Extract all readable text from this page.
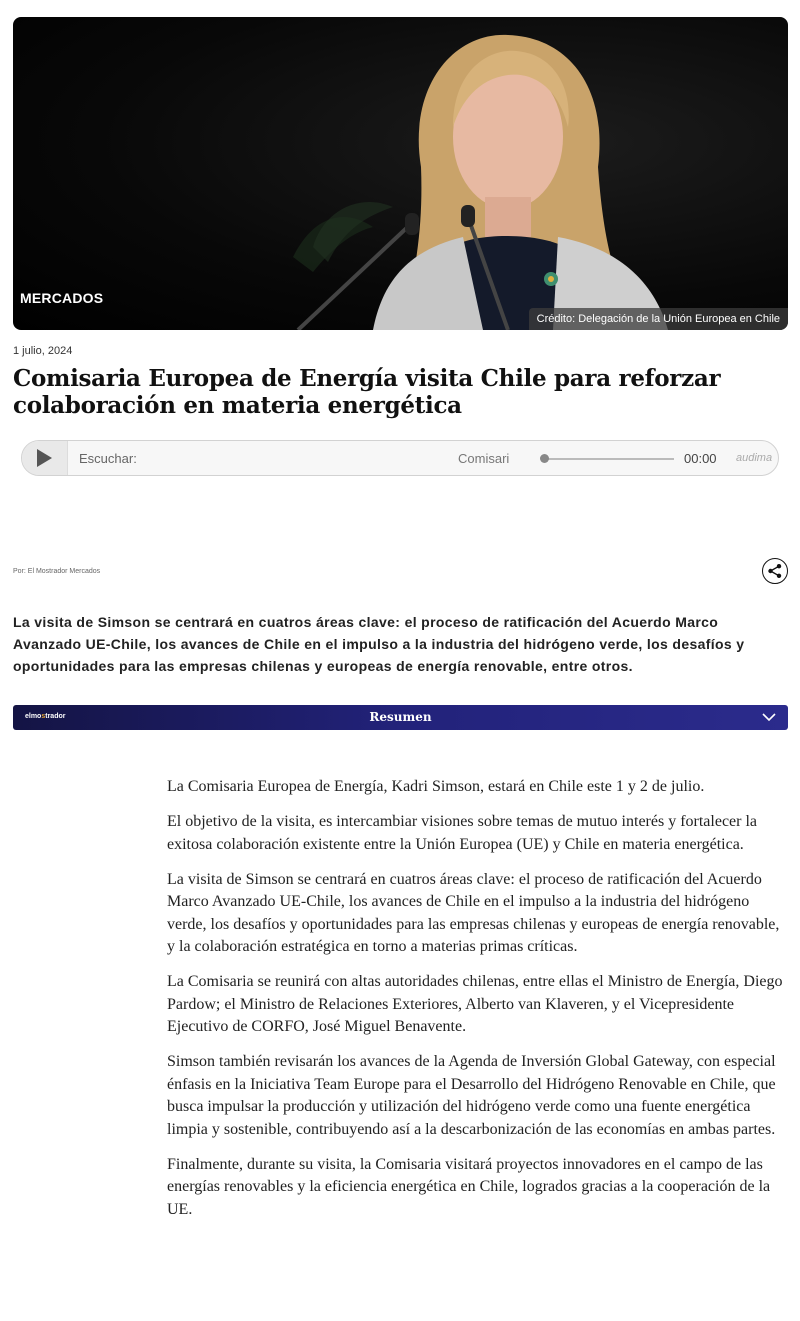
MERCADOS
Crédito: Delegación de la Unión Europea en Chile
1 julio, 2024
Comisaria Europea de Energía visita Chile para reforzar colaboración en materia energética
Escuchar:	Comisari	00:00 audima
Por: El Mostrador Mercados

La visita de Simson se centrará en cuatros áreas clave: el proceso de ratificación del Acuerdo Marco Avanzado UE-Chile, los avances de Chile en el impulso a la industria del hidrógeno verde, los desafíos y oportunidades para las empresas chilenas y europeas de energía renovable, entre otros.

elmostrador	Resumen

La Comisaria Europea de Energía, Kadri Simson, estará en Chile este 1 y 2 de julio.

El objetivo de la visita, es intercambiar visiones sobre temas de mutuo interés y fortalecer la exitosa colaboración existente entre la Unión Europea (UE) y Chile en materia energética.

La visita de Simson se centrará en cuatros áreas clave: el proceso de ratificación del Acuerdo Marco Avanzado UE-Chile, los avances de Chile en el impulso a la industria del hidrógeno verde, los desafíos y oportunidades para las empresas chilenas y europeas de energía renovable, y la colaboración estratégica en torno a materias primas críticas.

La Comisaria se reunirá con altas autoridades chilenas, entre ellas el Ministro de Energía, Diego Pardow; el Ministro de Relaciones Exteriores, Alberto van Klaveren, y el Vicepresidente Ejecutivo de CORFO, José Miguel Benavente.

Simson también revisarán los avances de la Agenda de Inversión Global Gateway, con especial énfasis en la Iniciativa Team Europe para el Desarrollo del Hidrógeno Renovable en Chile, que busca impulsar la producción y utilización del hidrógeno verde como una fuente energética limpia y sostenible, contribuyendo así a la descarbonización de las economías en ambas partes.

Finalmente, durante su visita, la Comisaria visitará proyectos innovadores en el campo de las energías renovables y la eficiencia energética en Chile, logrados gracias a la cooperación de la UE.
